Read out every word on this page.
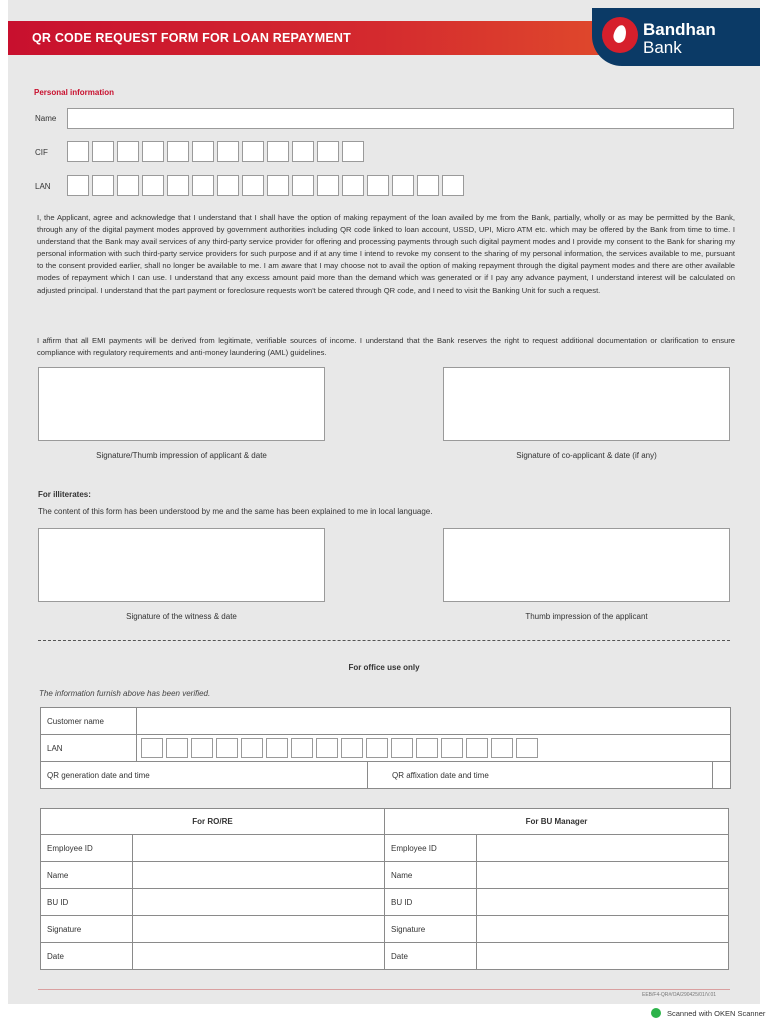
QR CODE REQUEST FORM FOR LOAN REPAYMENT	Bandhan
Bank
Personal information
Name
CIF
LAN
I, the Applicant, agree and acknowledge that I understand that I shall have the option of making repayment of the loan availed by me from the Bank, partially, wholly or as may be permitted by the Bank, through any of the digital payment modes approved by government authorities including QR code linked to loan account, USSD, UPI, Micro ATM etc. which may be offered by the Bank from time to time. I understand that the Bank may avail services of any third-party service provider for offering and processing payments through such digital payment modes and I provide my consent to the Bank for sharing my personal information with such third-party service providers for such purpose and if at any time I intend to revoke my consent to the sharing of my personal information, the services available to me, pursuant to the consent provided earlier, shall no longer be available to me. I am aware that I may choose not to avail the option of making repayment through the digital payment modes and there are other available modes of repayment which I can use. I understand that any excess amount paid more than the demand which was generated or if I pay any advance payment, I understand interest will be calculated on adjusted principal. I understand that the part payment or foreclosure requests won't be catered through QR code, and I need to visit the Banking Unit for such a request.
I affirm that all EMI payments will be derived from legitimate, verifiable sources of income. I understand that the Bank reserves the right to request additional documentation or clarification to ensure compliance with regulatory requirements and anti-money laundering (AML) guidelines.
Signature/Thumb impression of applicant & date	Signature of co-applicant & date (if any)
For illiterates:
The content of this form has been understood by me and the same has been explained to me in local language.
Signature of the witness & date	Thumb impression of the applicant
For office use only
The information furnish above has been verified.
Customer name			
LAN			

QR generation date and time				QR affixation date and time
For RO/RE		For BU Manager	
Employee ID		Employee ID	
Name		Name	
BU ID		BU ID	
Signature		Signature	
Date		Date	
EEB/F4-QR#/OA/290425/01/V.01
Scanned with OKEN Scanner
